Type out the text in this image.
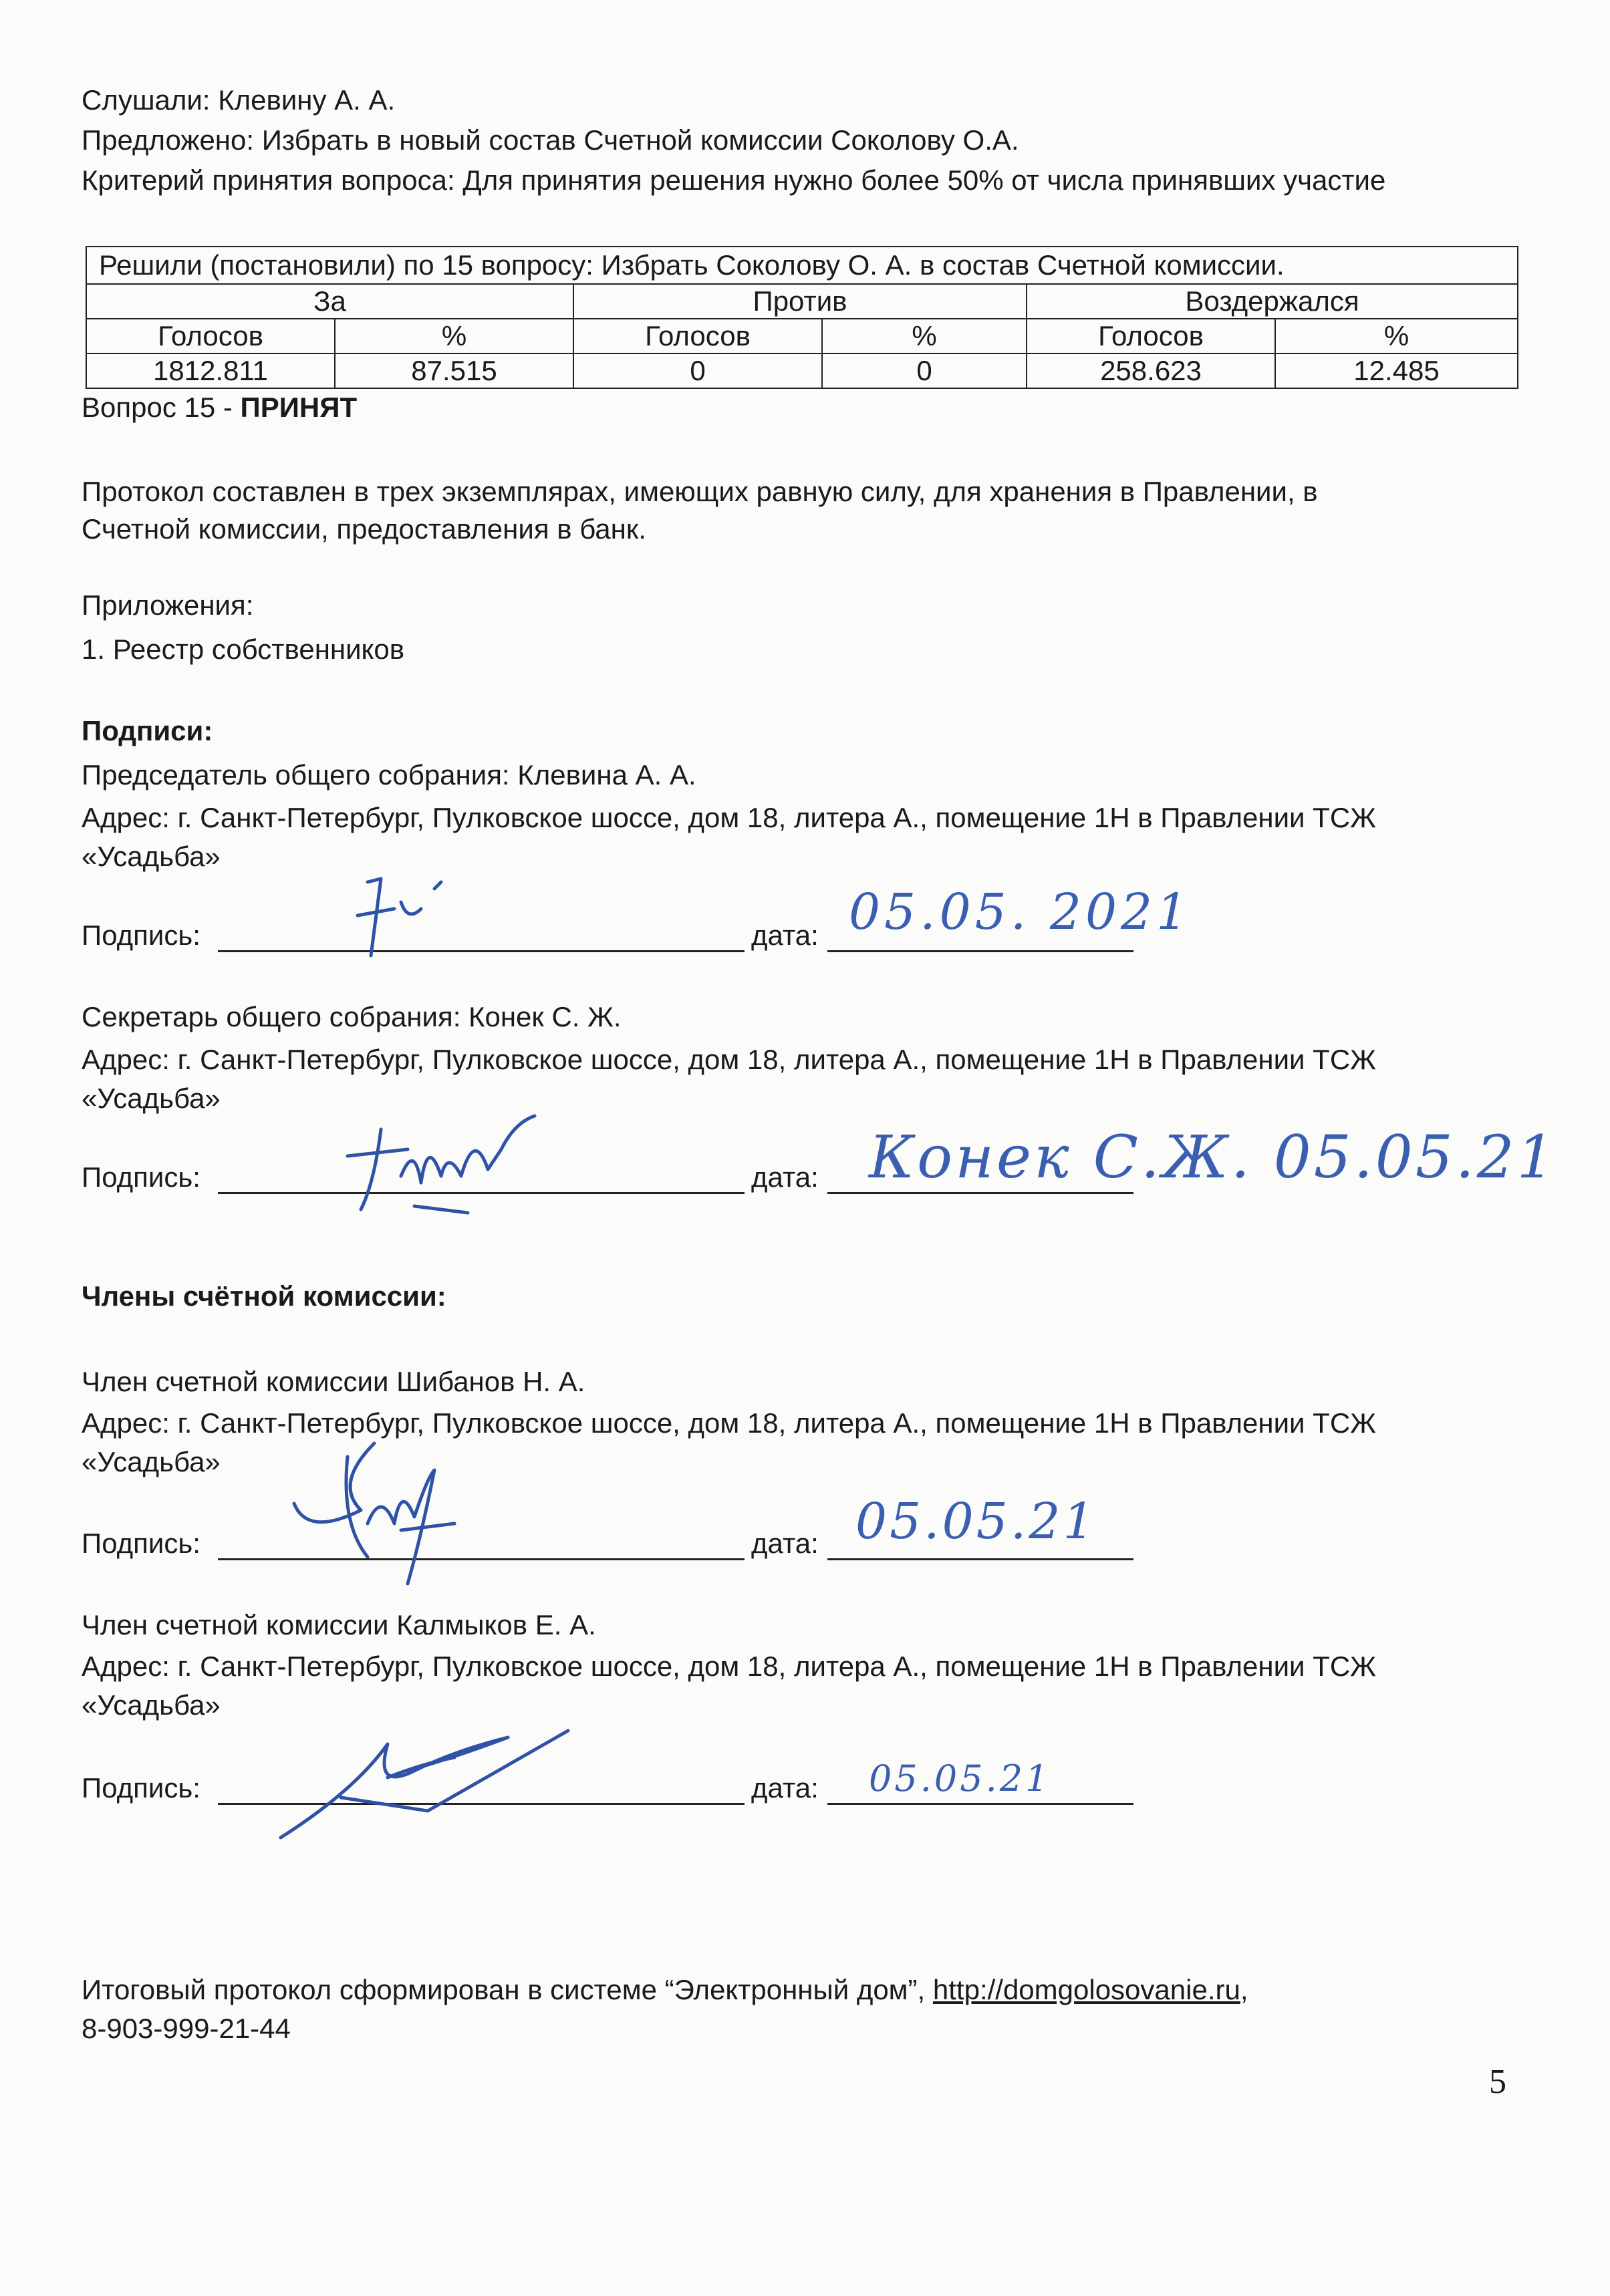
Слушали: Клевину А. А.
Предложено: Избрать в новый состав Счетной комиссии Соколову О.А.
Критерий принятия вопроса: Для принятия решения нужно более 50% от числа принявших участие
Решили (постановили) по 15 вопросу: Избрать Соколову О. А. в состав Счетной комиссии.					
За		Против		Воздержался	
Голосов	%	Голосов	%	Голосов	%
1812.811	87.515	0	0	258.623	12.485
Вопрос 15 - ПРИНЯТ
Протокол составлен в трех экземплярах, имеющих равную силу, для хранения в Правлении, в
Счетной комиссии, предоставления в банк.
Приложения:
1. Реестр собственников
Подписи:
Председатель общего собрания: Клевина А. А.
Адрес: г. Санкт-Петербург, Пулковское шоссе, дом 18, литера А., помещение 1Н в Правлении ТСЖ
«Усадьба»
Подпись:	дата: 05.05. 2021
Секретарь общего собрания: Конек С. Ж.
Адрес: г. Санкт-Петербург, Пулковское шоссе, дом 18, литера А., помещение 1Н в Правлении ТСЖ
«Усадьба»
Подпись:	дата: Конек С.Ж. 05.05.21
Члены счётной комиссии:
Член счетной комиссии Шибанов Н. А.
Адрес: г. Санкт-Петербург, Пулковское шоссе, дом 18, литера А., помещение 1Н в Правлении ТСЖ
«Усадьба»
Подпись:	дата: 05.05.21
Член счетной комиссии Калмыков Е. А.
Адрес: г. Санкт-Петербург, Пулковское шоссе, дом 18, литера А., помещение 1Н в Правлении ТСЖ
«Усадьба»
Подпись:	дата: 05.05.21
Итоговый протокол сформирован в системе “Электронный дом”, http://domgolosovanie.ru,
8-903-999-21-44
5
